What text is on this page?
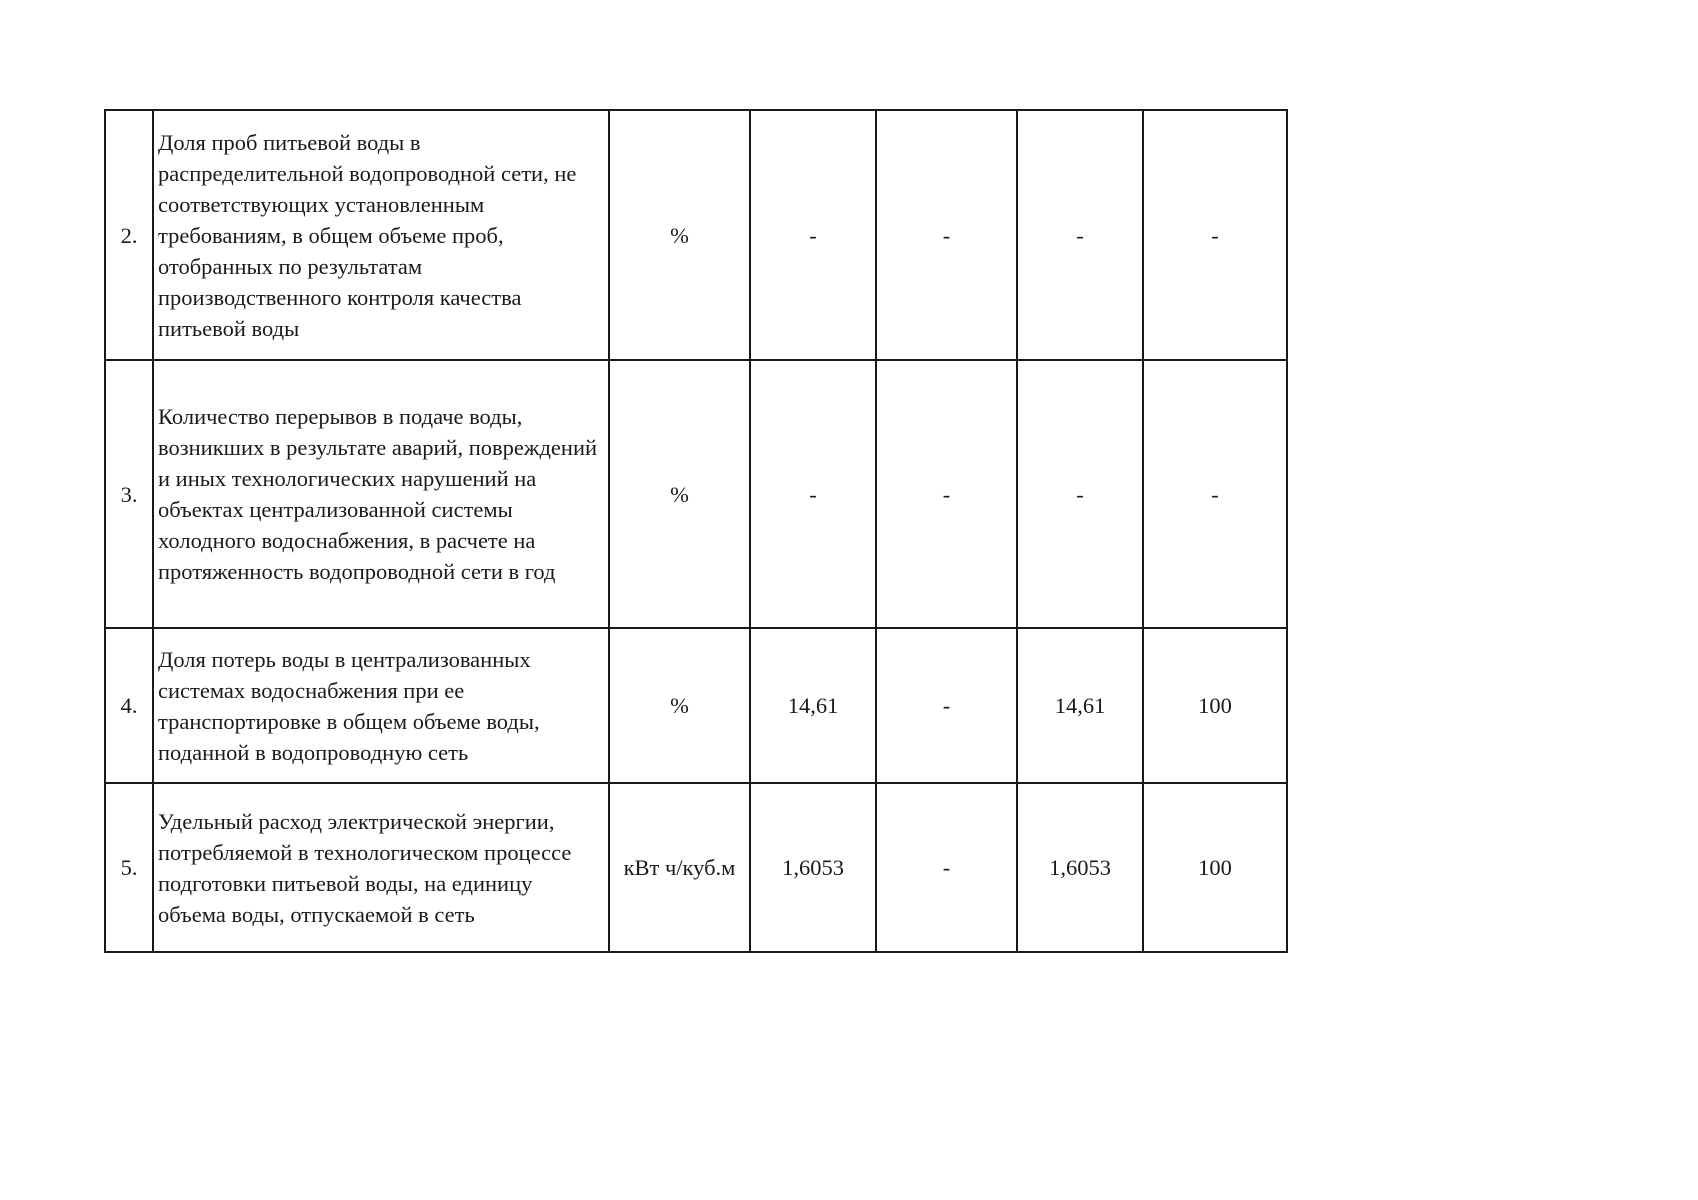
2.	Доля проб питьевой воды в распределительной водопроводной сети, не соответствующих установленным требованиям, в общем объеме проб, отобранных по результатам производственного контроля качества питьевой воды	%	-	-	-	-
3.	Количество перерывов в подаче воды, возникших в результате аварий, повреждений и иных технологических нарушений на объектах централизованной системы холодного водоснабжения, в расчете на протяженность водопроводной сети в год	%	-	-	-	-
4.	Доля потерь воды в централизованных системах водоснабжения при ее транспортировке в общем объеме воды, поданной в водопроводную сеть	%	14,61	-	14,61	100
5.	Удельный расход электрической энергии, потребляемой в технологическом процессе подготовки питьевой воды, на единицу объема воды, отпускаемой в сеть	кВт ч/куб.м	1,6053	-	1,6053	100
